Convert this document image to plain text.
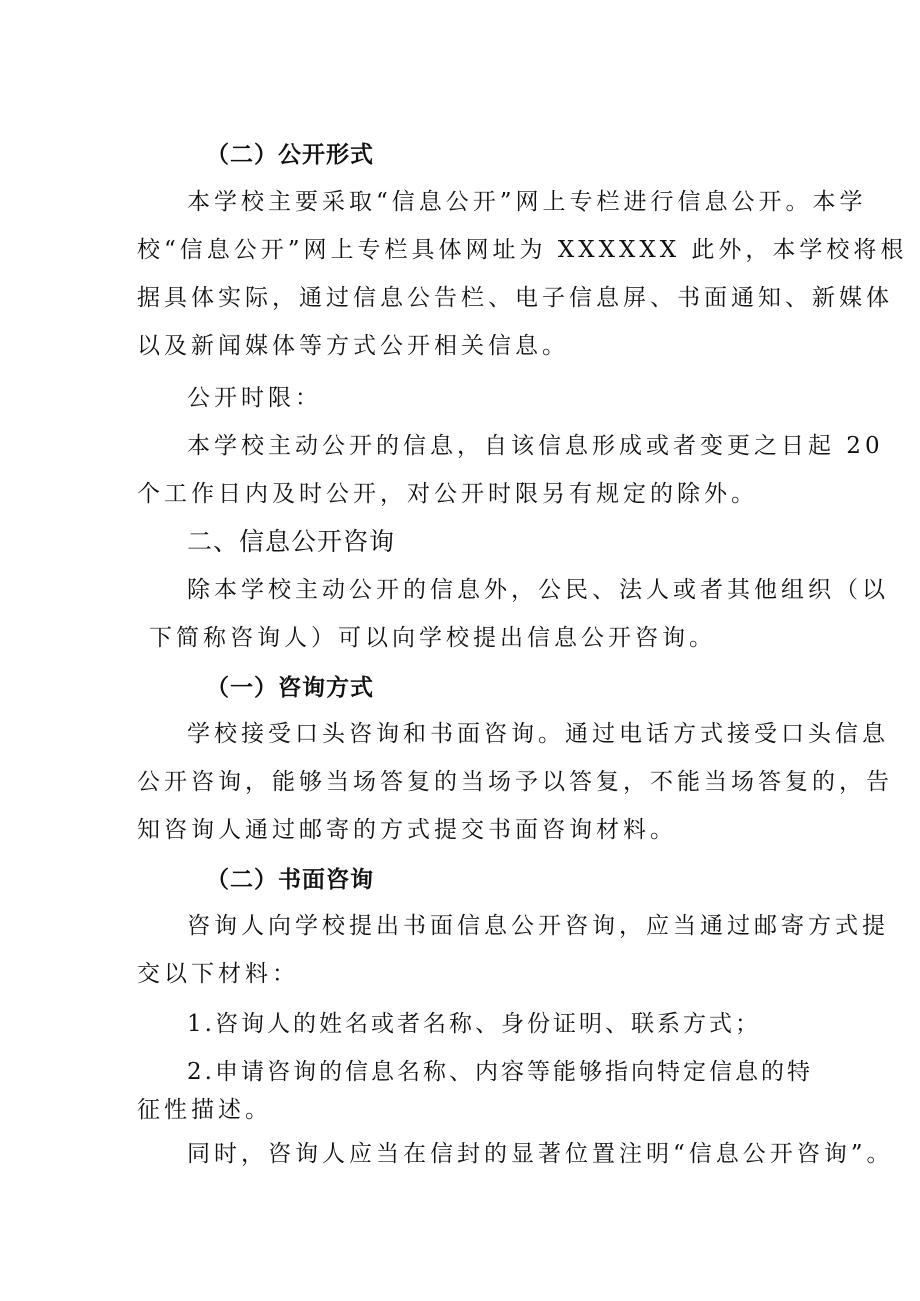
（二）公开形式
本学校主要采取“信息公开”网上专栏进行信息公开。本学
校“信息公开”网上专栏具体网址为 XXXXXX 此外，本学校将根
据具体实际，通过信息公告栏、电子信息屏、书面通知、新媒体
以及新闻媒体等方式公开相关信息。
公开时限：
本学校主动公开的信息，自该信息形成或者变更之日起 20
个工作日内及时公开，对公开时限另有规定的除外。
二、信息公开咨询
除本学校主动公开的信息外，公民、法人或者其他组织（以
下简称咨询人）可以向学校提出信息公开咨询。
（一）咨询方式
学校接受口头咨询和书面咨询。通过电话方式接受口头信息
公开咨询，能够当场答复的当场予以答复，不能当场答复的，告
知咨询人通过邮寄的方式提交书面咨询材料。
（二）书面咨询
咨询人向学校提出书面信息公开咨询，应当通过邮寄方式提
交以下材料：
1.咨询人的姓名或者名称、身份证明、联系方式；
2.申请咨询的信息名称、内容等能够指向特定信息的特
征性描述。
同时，咨询人应当在信封的显著位置注明“信息公开咨询”。
